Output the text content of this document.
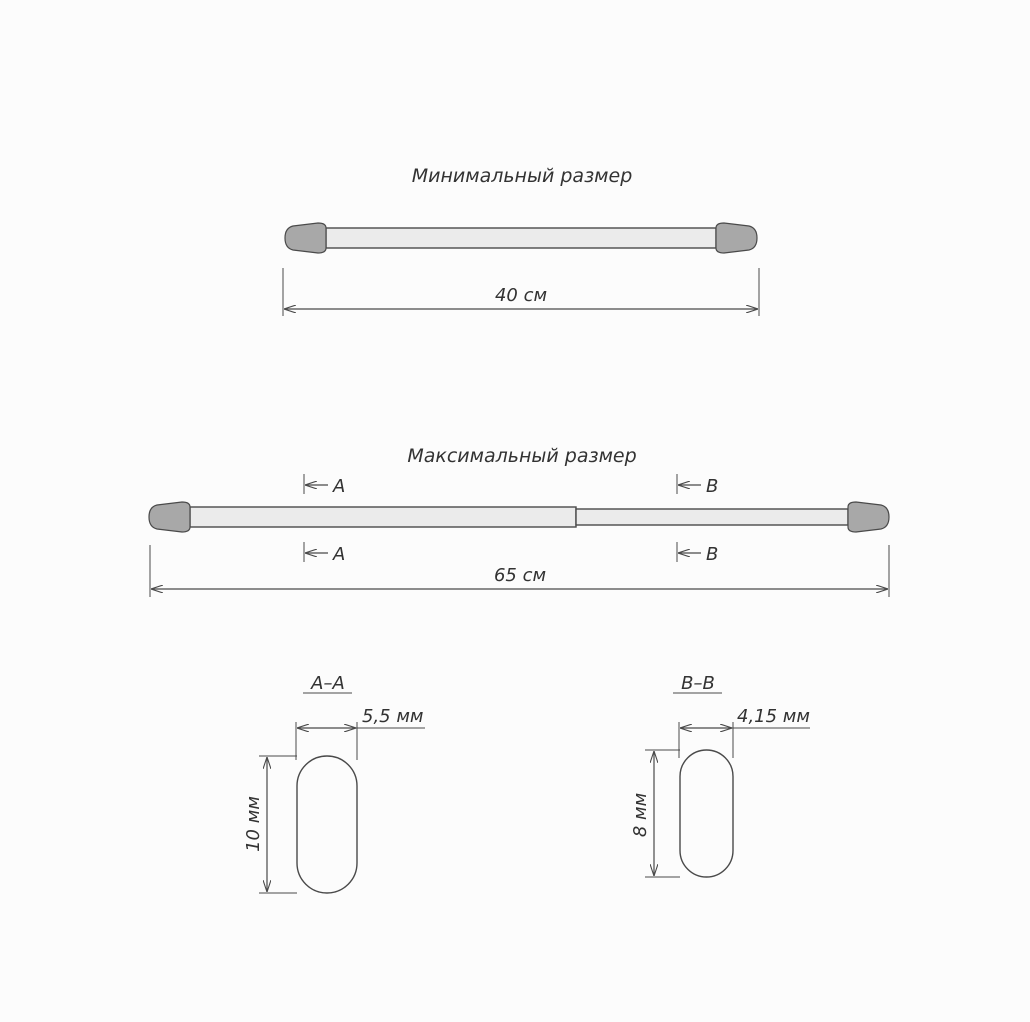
Минимальный размер
40 см
Максимальный размер
A
A
B
B
65 см
A–A
5,5 мм
10 мм
B–B
4,15 мм
8 мм
